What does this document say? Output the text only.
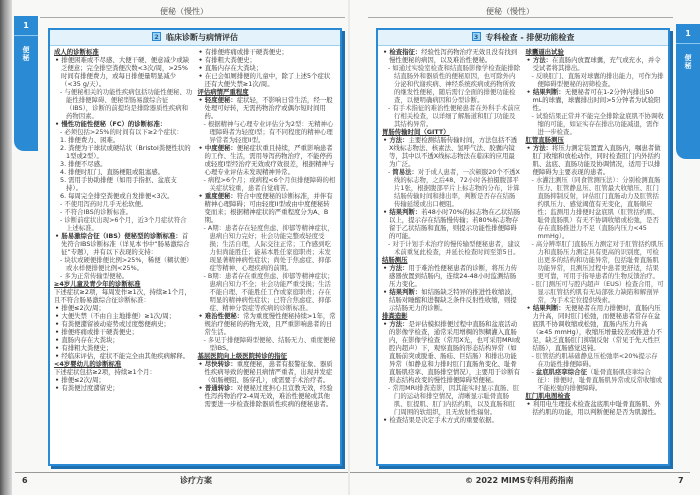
便秘（慢性）
1
便秘
2 临床诊断与病情评估
成人的诊断标准
• 排便困难或不尽感、大便干硬、便意减少或缺乏便意；完全排空粪便次数<3次/周，>25%时间有排便费力，或每日排便量明显减少（<35 g/天）。
- 与便秘相关的功能性疾病包括功能性便秘、功能性排便障碍、便秘型肠易激综合征（IBS），诊断的前提均是排除器质性疾病和药物因素。
• 慢性功能性便秘（FC）的诊断标准：
- 必须包括>25%的时间有以下≥2个症状：
1. 排便费力、困难。
2. 粪便为干球状或硬结状（Bristol粪便性状的1型或2型）。
3. 排便不尽感。
4. 排便时肛门、直肠梗阻或阻塞感。
5. 需用手协助排便（如用手指抠、盆底支持）。
6. 每周完全排空粪便或自发排便<3次。
- 不使用泻药时几乎无松软便。
- 不符合IBS的诊断标准。
- 诊断前症状出现>6个月，近3个月症状符合上述标准。
• 肠易激综合征（IBS）便秘型的诊断标准：首先符合IBS诊断标准（详见本书中“肠易激综合征”专题），并有以下表现的支持：
- 块状或硬便排便比例>25%，稀便（糊状便）或水样便排便比例<25%。
- 多为正常传输型便秘。
≥4岁儿童及青少年的诊断标准
下述症状≥2项，每周发作≥1次，持续≥1个月，且不符合肠易激综合征诊断标准：
• 排便≤2次/周；
• 大便失禁（不由自主地排便）≥1次/周；
• 有粪便潴留被动姿势或过度憋便病史；
• 排便疼痛或排干硬粪便史；
• 直肠内存在大粪块；
• 有排粗大粪便史；
• 经临床评估，症状不能完全由其他疾病解释。
<4岁婴幼儿的诊断标准
下述症状包括≥2项，持续≥1个月：
• 排便≤2次/周；
• 有粪便过度潴留史；
• 有排便疼痛或排干硬粪便史；
• 有排粗大粪便史；
• 直肠内存在大粪块；
• 在已会如厕排便的儿童中，除了上述5个症状还有大便失禁≥1次/周。
评估病情严重程度
• 轻度便秘：症状轻，不影响日常生活，经一般处理可好转，无需药物治疗或偶尔短时间用药。
- 根据精神与心理专业评估分为2型：无精神心理障碍者为轻度I型；有不同程度的精神心理异常者为轻度II型。
• 中度便秘：便秘症状重且持续，严重影响患者的工作、生活，需用导泻药物治疗，不能停药或轻度I型经治疗无效或疗效很差，根据精神与心理专业评估未发现精神异常。
- 病程>6个月；或病程<6个月但排便障碍的相关症状较重，患者自觉痛苦。
• 重度便秘：符合中度便秘的诊断标准，并伴有精神心理障碍；可由轻度II型或由中度便秘转变而来；根据精神症状的严重程度分为A、B期。
- A期：患者存在轻度焦虑、抑郁等精神症状，患病自知力完好；社会功能完整或轻度受损；生活自理，人际交往正常；工作感到吃力但尚能胜任；能基本胜任家庭职责；未发现显著精神病性症状；尚处于焦虑症、抑郁症等精神、心理疾病的前期。
- B期：患者存在重度焦虑、抑郁等精神症状；患病自知力不全；社会功能严重受损；生活不能自理、不能胜任工作或家庭职责；存在明显的精神病性症状；已符合焦虑症、抑郁症、精神分裂症等疾病的诊断标准。
• 难治性便秘：常为重度慢性便秘持续>1年，常规治疗便秘的药物无效，且严重影响患者的日常生活。
- 多见于排便障碍型便秘、结肠无力、重度便秘型IBS。
基层医院向上级医院转诊的指征
• 尽快转诊：重度便秘，患者有报警征象、器质性疾病导致的便秘且病情严重者，出现并发症（如肠梗阻、肠穿孔），或需要手术治疗者。
• 普通转诊：对便秘过度担心且宣教无效，经验性泻药物治疗2-4周无效，难治性便秘或其他需要进一步检查排除器质性疾病的便秘患者。
6	诊疗方案
便秘（慢性）
1
便秘
3 专科检查 - 排便功能检查
• 检查指征：经验性泻药物治疗无效且没有找到慢性便秘的病因，以及难治性便秘。
- 如通过实验室检查和结直肠影像学检查能排除结直肠外和器质性的便秘原因，也可除外内分泌和代谢疾病、神经系统疾病或药物所致的继发性便秘，随后需行全面的排便功能检查，以便明确病因和分型诊断。
- 有手术指征的难治性便秘患者在外科手术前应行相关检查，以详细了解肠道和肛门功能及其结构异常。
胃肠传输时间（GITT）
• 方法：主要检测结肠传输时间，方法包括不透X线标志物法、核素法、氢呼气法、胶囊内镜等，其中以不透X线标志物法在临床的应用最为广泛。
- 简易法：对于成人患者，一次顿服20个不透X线的标志物，之后48、72小时各拍摄腹部平片1张，根据腹部平片上标志物的分布，计算结肠传输时间和排出率，判断是否存在结肠传输延缓或出口梗阻。
• 结果判断：若48小时70%的标志物在乙状结肠以上，提示存在结肠慢传输；若80%标志物存留于乙状结肠和直肠，则提示功能性排便障碍的可能。
- 对于计划手术治疗的慢传输型便秘患者，建议术前重复此检查，并延长检查时间至第5日。
结肠测压
• 方法：用于难治性便秘患者的诊断，将压力传感器放置到结肠内，连续24-48小时监测结肠压力变化。
• 结果判断：如结肠缺乏特异的推进性收缩波，结肠对睡醒和进餐缺乏条件反射性收缩，则提示结肠无力的诊断。
排粪造影
• 方法：是评估模拟排便过程中直肠和盆底活动的影像学检查，通常采用增稠的钡糊灌入直肠内，在影像学检查（常用X光，也可采用MRI或腔内超声）下，观察直肠的形态结构异常（如直肠前突或脱垂、肠疝、巨结肠）和排出功能异常（如静息和力排时肛门直肠角变化、耻骨直肠肌痉挛、直肠排空情况），主要用于诊断有形态结构改变的慢性排便障碍型便秘。
- 常用MRI排粪造影，因其能实时显示直肠、肛门的运动和排空情况，清晰显示耻骨直肠肌、肛提肌、肛门内括约肌，以及直肠和肛门周围的软组织，且无放射性辐射。
• 检查结果是决定手术方式的重要依据。
球囊逼出试验
• 方法：在直肠内放置球囊，充气或充水，并令受试者将其排出。
- 反映肛门、直肠对球囊的排出能力，可作为排便障碍型便秘的初筛检查。
• 结果判断：无便秘者可在1-2分钟内排出50 mL的球囊，球囊排出时间>5分钟者为试验阳性。
- 试验结果正常并不能完全排除盆底肌不协调收缩的可能，如证实存在排出功能减退，需作进一步检查。
肛管直肠测压
• 方法：将压力测定装置置入直肠内，嘱患者做肛门收缩和放松动作，同时检查肛门内外括约肌、盆底、直肠功能及协调情况，适用于以排便障碍为主要表现的患者。
- 水灌注测压（同食管测压法）：分别检测直肠压力、肛管静息压、肛管最大收缩压、肛门直肠抑制反射，评估肛门直肠动力及肛管括约肌压力、感觉阈值有无变化，直肠顺应性；监测用力排便时盆底肌（肛管括约肌、耻骨直肠肌）有无不协调收缩或松弛，是否存在直肠推进力不足（直肠内压力<45 mmHg）。
- 高分辨率肛门直肠压力测定对于肛管括约肌压力和直肠压力测定具有更高的识别度，可检出更多的结构和功能异常，包括耻骨直肠肌功能异常，且测压过程中患者更舒适，结果更可靠，可用于指导患者的生物反馈治疗。
- 肛门测压可与腔内超声（EUS）检查合用，可显示肛管括约肌有无局部张力缺陷和解剖异常，为手术定位提供线索。
• 结果判断：无便秘者在用力排便时，直肠内压力升高，同时肛门松弛，而便秘患者常存在盆底肌不协调收缩或松弛，直肠内压力升高（≥45 mmHg），收缩压增量较差或推进力不足，缺乏直肠肛门抑制反射（常见于先天性巨结肠），直肠感觉迟钝。
- 肛管括约肌基础静息压松弛率<20%提示存在功能性排便障碍。
- 盆底肌痉挛综合征（耻骨直肠肌痉挛综合征）：排便时，耻骨直肠肌异常或反常收缩或不能松弛的排便障碍。
肛门肌电图检查
• 利用电生理技术检查盆底肌中耻骨直肠肌、外括约肌的功能，用以判断便秘是否为肌源性。
© 2022 MIMS专科用药指南	7
